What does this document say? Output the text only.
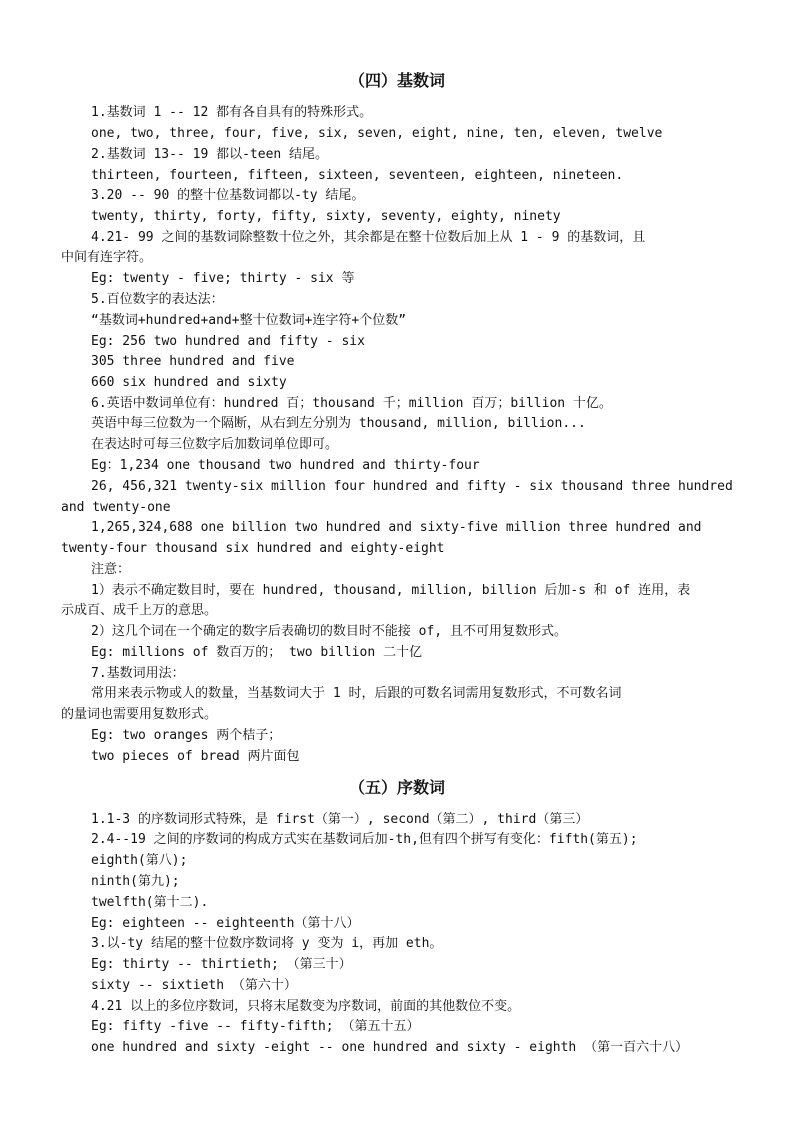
（四）基数词
1.基数词 1 -- 12 都有各自具有的特殊形式。
one, two, three, four, five, six, seven, eight, nine, ten, eleven, twelve
2.基数词 13-- 19 都以-teen 结尾。
thirteen, fourteen, fifteen, sixteen, seventeen, eighteen, nineteen.
3.20 -- 90 的整十位基数词都以-ty 结尾。
twenty, thirty, forty, fifty, sixty, seventy, eighty, ninety
4.21- 99 之间的基数词除整数十位之外，其余都是在整十位数后加上从 1 - 9 的基数词，且
中间有连字符。
Eg: twenty - five; thirty - six 等
5.百位数字的表达法：
“基数词+hundred+and+整十位数词+连字符+个位数”
Eg: 256 two hundred and fifty - six
305 three hundred and five
660 six hundred and sixty
6.英语中数词单位有：hundred 百；thousand 千；million 百万；billion 十亿。
英语中每三位数为一个隔断，从右到左分别为 thousand, million, billion...
在表达时可每三位数字后加数词单位即可。
Eg：1,234 one thousand two hundred and thirty-four
26, 456,321 twenty-six million four hundred and fifty - six thousand three hundred
and twenty-one
1,265,324,688 one billion two hundred and sixty-five million three hundred and
twenty-four thousand six hundred and eighty-eight
注意：
1）表示不确定数目时，要在 hundred, thousand, million, billion 后加-s 和 of 连用，表
示成百、成千上万的意思。
2）这几个词在一个确定的数字后表确切的数目时不能接 of, 且不可用复数形式。
Eg: millions of 数百万的； two billion 二十亿
7.基数词用法：
常用来表示物或人的数量，当基数词大于 1 时，后跟的可数名词需用复数形式，不可数名词
的量词也需要用复数形式。
Eg: two oranges 两个桔子；
two pieces of bread 两片面包
（五）序数词
1.1-3 的序数词形式特殊，是 first（第一）, second（第二）, third（第三）
2.4--19 之间的序数词的构成方式实在基数词后加-th,但有四个拼写有变化：fifth(第五);
eighth(第八);
ninth(第九);
twelfth(第十二).
Eg: eighteen -- eighteenth（第十八）
3.以-ty 结尾的整十位数序数词将 y 变为 i，再加 eth。
Eg: thirty -- thirtieth; （第三十）
sixty -- sixtieth （第六十）
4.21 以上的多位序数词，只将末尾数变为序数词，前面的其他数位不变。
Eg: fifty -five -- fifty-fifth; （第五十五）
one hundred and sixty -eight -- one hundred and sixty - eighth （第一百六十八）
